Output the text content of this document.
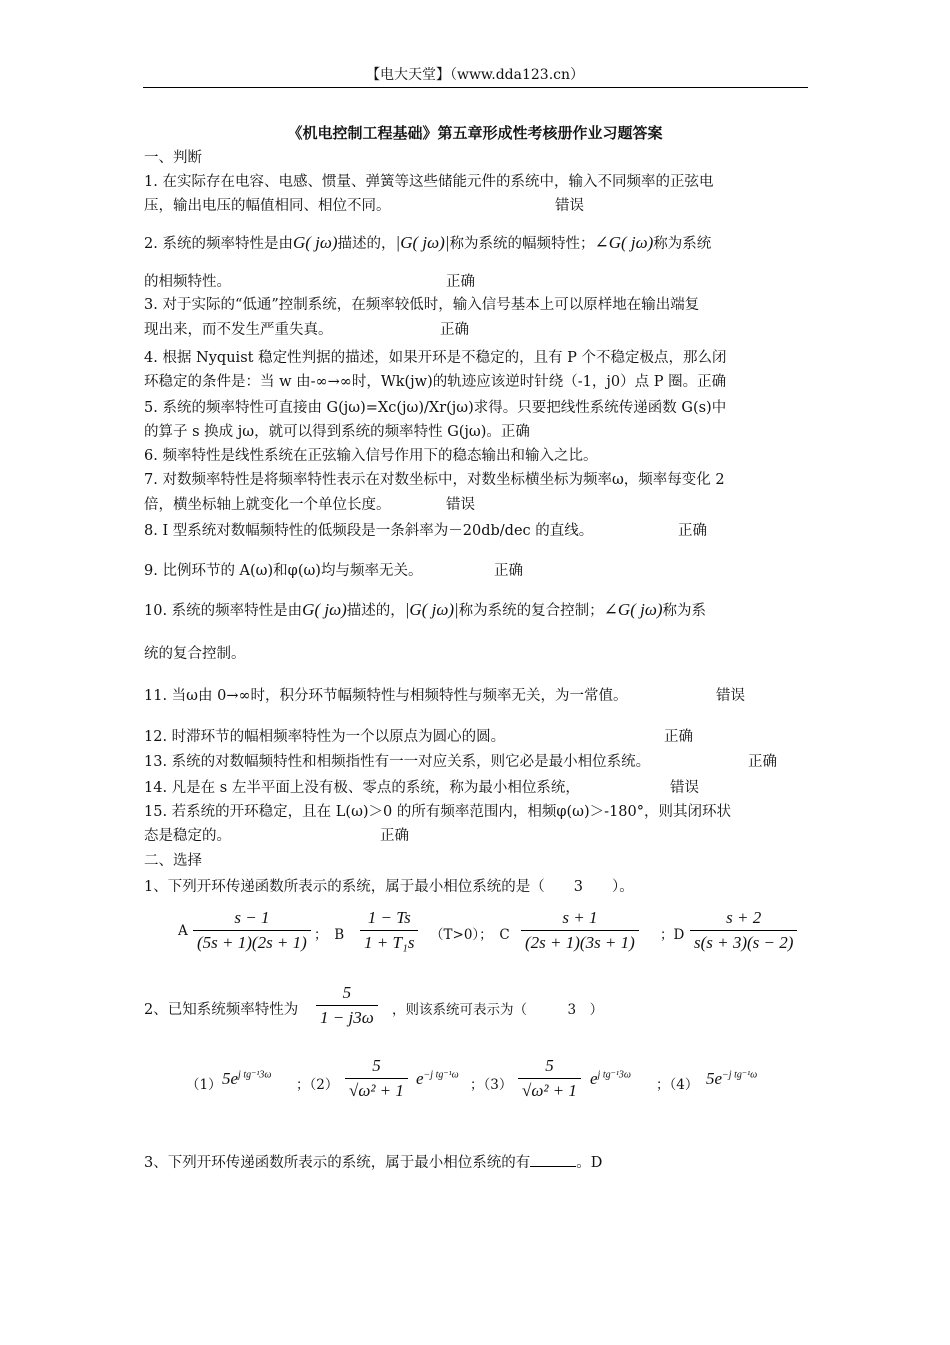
【电大天堂】（www.dda123.cn）
《机电控制工程基础》第五章形成性考核册作业习题答案
一、判断
1. 在实际存在电容、电感、惯量、弹簧等这些储能元件的系统中，输入不同频率的正弦电
压，输出电压的幅值相同、相位不同。	错误
2. 系统的频率特性是由G( jω)描述的，|G( jω)|称为系统的幅频特性；∠G( jω)称为系统
的相频特性。	正确
3. 对于实际的“低通”控制系统，在频率较低时，输入信号基本上可以原样地在输出端复
现出来，而不发生严重失真。	正确
4. 根据 Nyquist 稳定性判据的描述，如果开环是不稳定的，且有 P 个不稳定极点，那么闭
环稳定的条件是：当 w 由-∞→∞时，Wk(jw)的轨迹应该逆时针绕（-1，j0）点 P 圈。正确
5. 系统的频率特性可直接由 G(jω)=Xc(jω)/Xr(jω)求得。只要把线性系统传递函数 G(s)中
的算子 s 换成 jω，就可以得到系统的频率特性 G(jω)。正确
6. 频率特性是线性系统在正弦输入信号作用下的稳态输出和输入之比。
7. 对数频率特性是将频率特性表示在对数坐标中，对数坐标横坐标为频率ω，频率每变化 2
倍，横坐标轴上就变化一个单位长度。	错误
8. I 型系统对数幅频特性的低频段是一条斜率为－20db/dec 的直线。	正确
9. 比例环节的 A(ω)和φ(ω)均与频率无关。	正确
10. 系统的频率特性是由G( jω)描述的，|G( jω)|称为系统的复合控制；∠G( jω)称为系
统的复合控制。
11. 当ω由 0→∞时，积分环节幅频特性与相频特性与频率无关，为一常值。	错误
12. 时滞环节的幅相频率特性为一个以原点为圆心的圆。	正确
13. 系统的对数幅频特性和相频指性有一一对应关系，则它必是最小相位系统。	正确
14. 凡是在 s 左半平面上没有极、零点的系统，称为最小相位系统，	错误
15. 若系统的开环稳定，且在 L(ω)＞0 的所有频率范围内，相频φ(ω)＞-180°，则其闭环状
态是稳定的。	正确
二、选择
1、下列开环传递函数所表示的系统，属于最小相位系统的是（　　3　　）。
A $\frac{s - 1}{(5s + 1)(2s + 1)}$ ；　B $\frac{1 - Ts}{\text{1 + T₁s}} (T>0)$；　C $\frac{s + 1}{(2s + 1)(3s + 1)}$ ；D $\frac{s + 2}{s(s + 3)(s - 2)}$
2、已知系统频率特性为 $\frac{5}{1 - j3\omega}$ ，则该系统可表示为（　　　3　）
（1） $5e^{j tg^{-1}3\omega}$
；$(2) \frac{5}{\text{√ω² + 1}} e^{-j tg^{-1}\omega}$
；$(3) \frac{5}{\text{√ω² + 1}} e^{j tg^{-1}3\omega}$
；（4） $5e^{-j tg^{-1}\omega}$
3、下列开环传递函数所表示的系统，属于最小相位系统的有	。D
